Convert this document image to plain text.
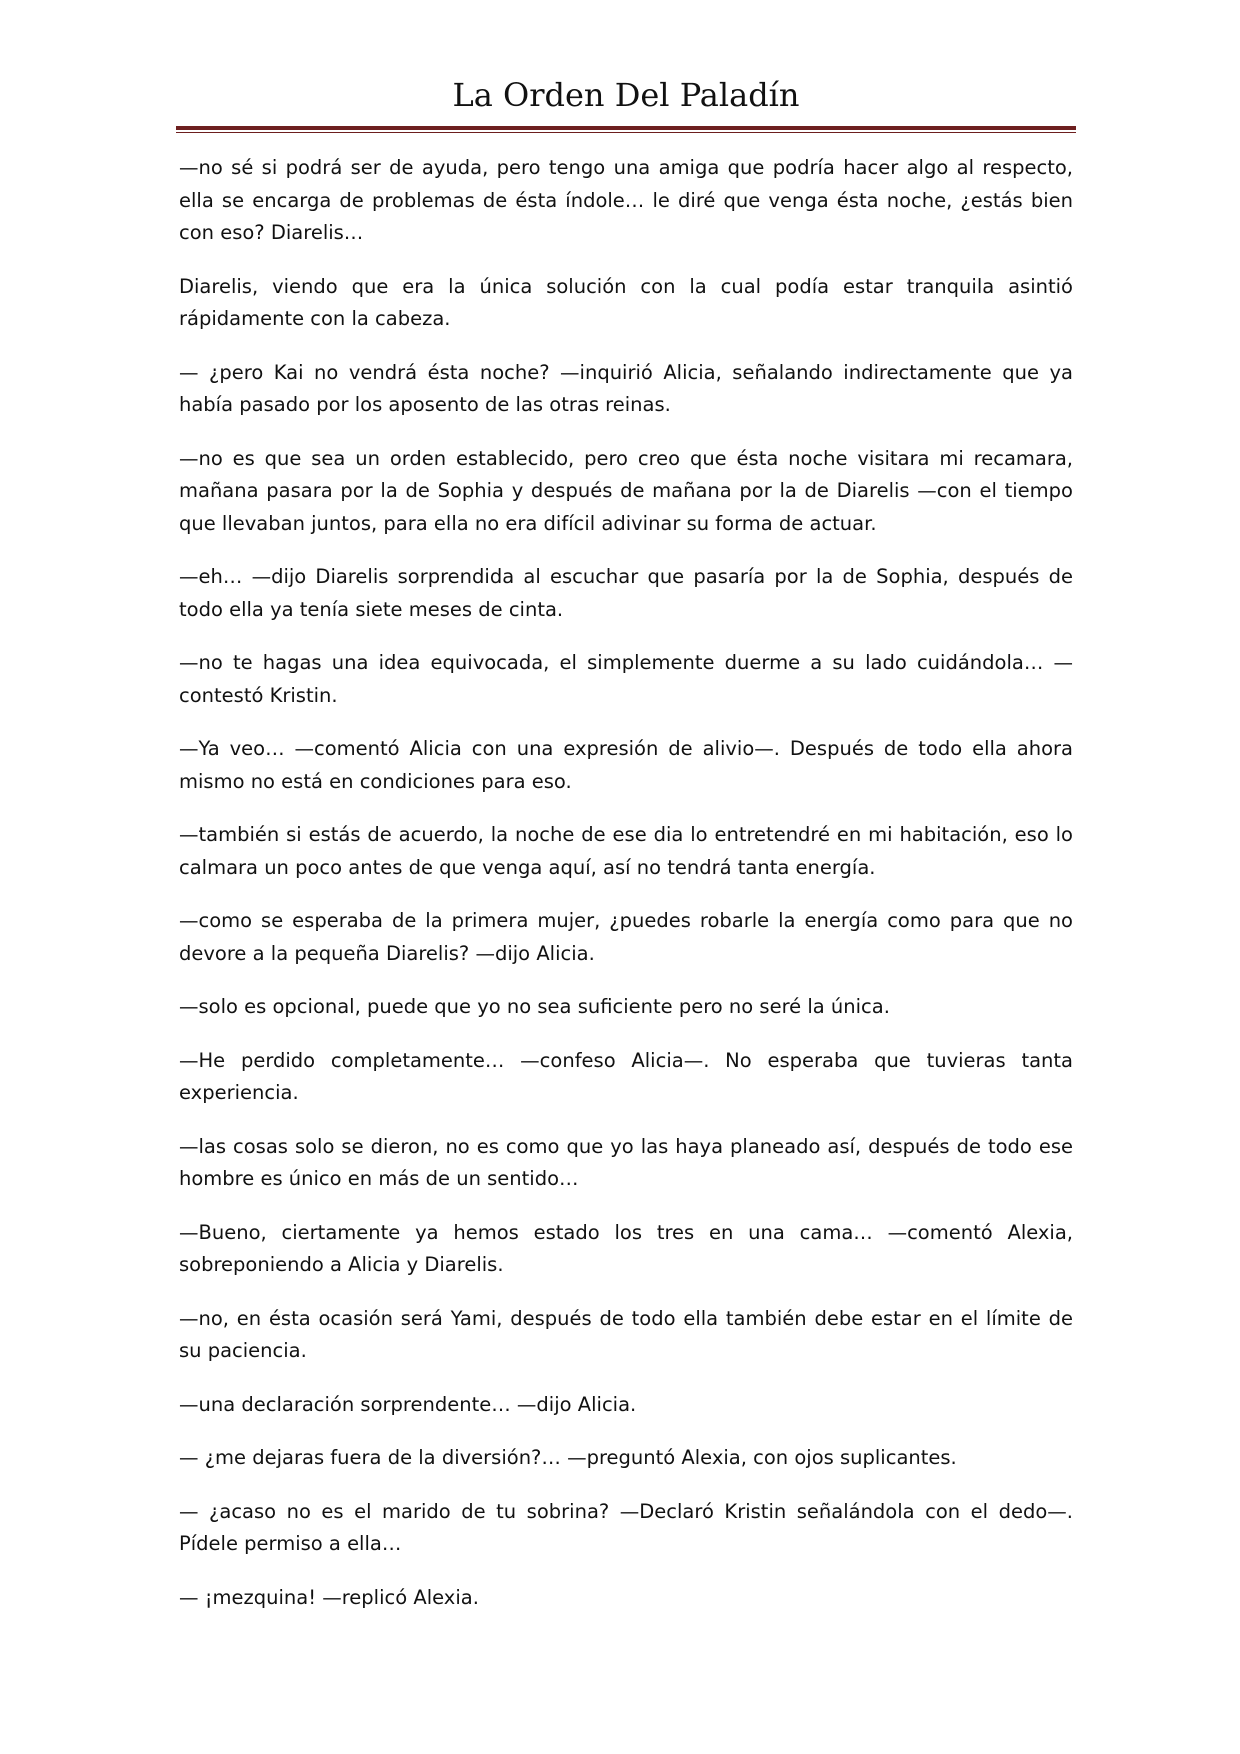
La Orden Del Paladín

—no sé si podrá ser de ayuda, pero tengo una amiga que podría hacer algo al respecto, ella se encarga de problemas de ésta índole… le diré que venga ésta noche, ¿estás bien con eso? Diarelis…

Diarelis, viendo que era la única solución con la cual podía estar tranquila asintió rápidamente con la cabeza.

— ¿pero Kai no vendrá ésta noche? —inquirió Alicia, señalando indirectamente que ya había pasado por los aposento de las otras reinas.

—no es que sea un orden establecido, pero creo que ésta noche visitara mi recamara, mañana pasara por la de Sophia y después de mañana por la de Diarelis —con el tiempo que llevaban juntos, para ella no era difícil adivinar su forma de actuar.

—eh… —dijo Diarelis sorprendida al escuchar que pasaría por la de Sophia, después de todo ella ya tenía siete meses de cinta.

—no te hagas una idea equivocada, el simplemente duerme a su lado cuidándola… —contestó Kristin.

—Ya veo… —comentó Alicia con una expresión de alivio—. Después de todo ella ahora mismo no está en condiciones para eso.

—también si estás de acuerdo, la noche de ese dia lo entretendré en mi habitación, eso lo calmara un poco antes de que venga aquí, así no tendrá tanta energía.

—como se esperaba de la primera mujer, ¿puedes robarle la energía como para que no devore a la pequeña Diarelis? —dijo Alicia.

—solo es opcional, puede que yo no sea suficiente pero no seré la única.

—He perdido completamente… —confeso Alicia—. No esperaba que tuvieras tanta experiencia.

—las cosas solo se dieron, no es como que yo las haya planeado así, después de todo ese hombre es único en más de un sentido…

—Bueno, ciertamente ya hemos estado los tres en una cama… —comentó Alexia, sobreponiendo a Alicia y Diarelis.

—no, en ésta ocasión será Yami, después de todo ella también debe estar en el límite de su paciencia.

—una declaración sorprendente… —dijo Alicia.

— ¿me dejaras fuera de la diversión?… —preguntó Alexia, con ojos suplicantes.

— ¿acaso no es el marido de tu sobrina? —Declaró Kristin señalándola con el dedo—. Pídele permiso a ella…

— ¡mezquina! —replicó Alexia.
